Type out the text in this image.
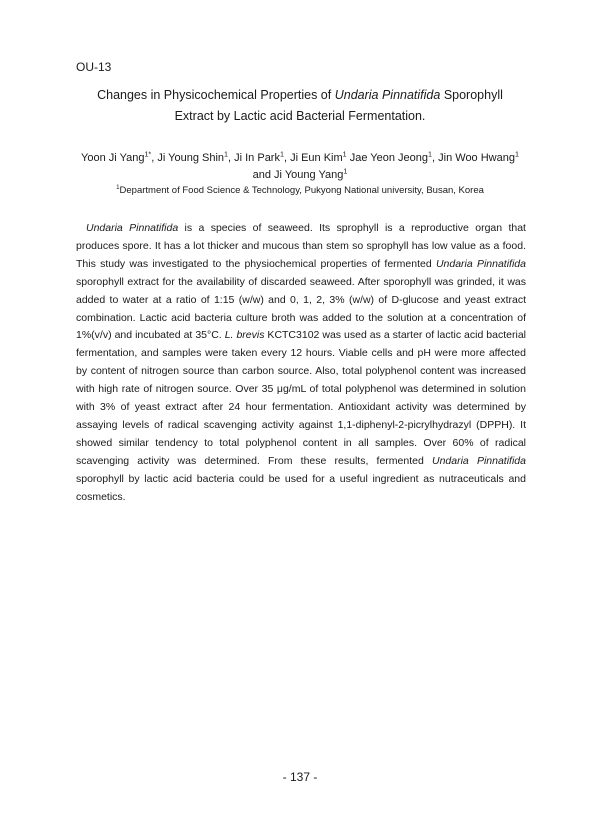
OU-13
Changes in Physicochemical Properties of Undaria Pinnatifida Sporophyll
Extract by Lactic acid Bacterial Fermentation.
Yoon Ji Yang$^{1*}$, Ji Young Shin$^1$, Ji In Park$^1$, Ji Eun Kim$^1$ Jae Yeon Jeong$^1$, Jin Woo Hwang$^1$
and Ji Young Yang$^1$
$^1$Department of Food Science & Technology, Pukyong National university, Busan, Korea

Undaria Pinnatifida is a species of seaweed. Its sprophyll is a reproductive organ that produces spore. It has a lot thicker and mucous than stem so sprophyll has low value as a food. This study was investigated to the physiochemical properties of fermented Undaria Pinnatifida sporophyll extract for the availability of discarded seaweed. After sporophyll was grinded, it was added to water at a ratio of 1:15 (w/w) and 0, 1, 2, 3% (w/w) of D-glucose and yeast extract combination. Lactic acid bacteria culture broth was added to the solution at a concentration of 1%(v/v) and incubated at 35°C. L. brevis KCTC3102 was used as a starter of lactic acid bacterial fermentation, and samples were taken every 12 hours. Viable cells and pH were more affected by content of nitrogen source than carbon source. Also, total polyphenol content was increased with high rate of nitrogen source. Over 35 μg/mL of total polyphenol was determined in solution with 3% of yeast extract after 24 hour fermentation. Antioxidant activity was determined by assaying levels of radical scavenging activity against 1,1-diphenyl-2-picrylhydrazyl (DPPH). It showed similar tendency to total polyphenol content in all samples. Over 60% of radical scavenging activity was determined. From these results, fermented Undaria Pinnatifida sporophyll by lactic acid bacteria could be used for a useful ingredient as nutraceuticals and cosmetics.

- 137 -
